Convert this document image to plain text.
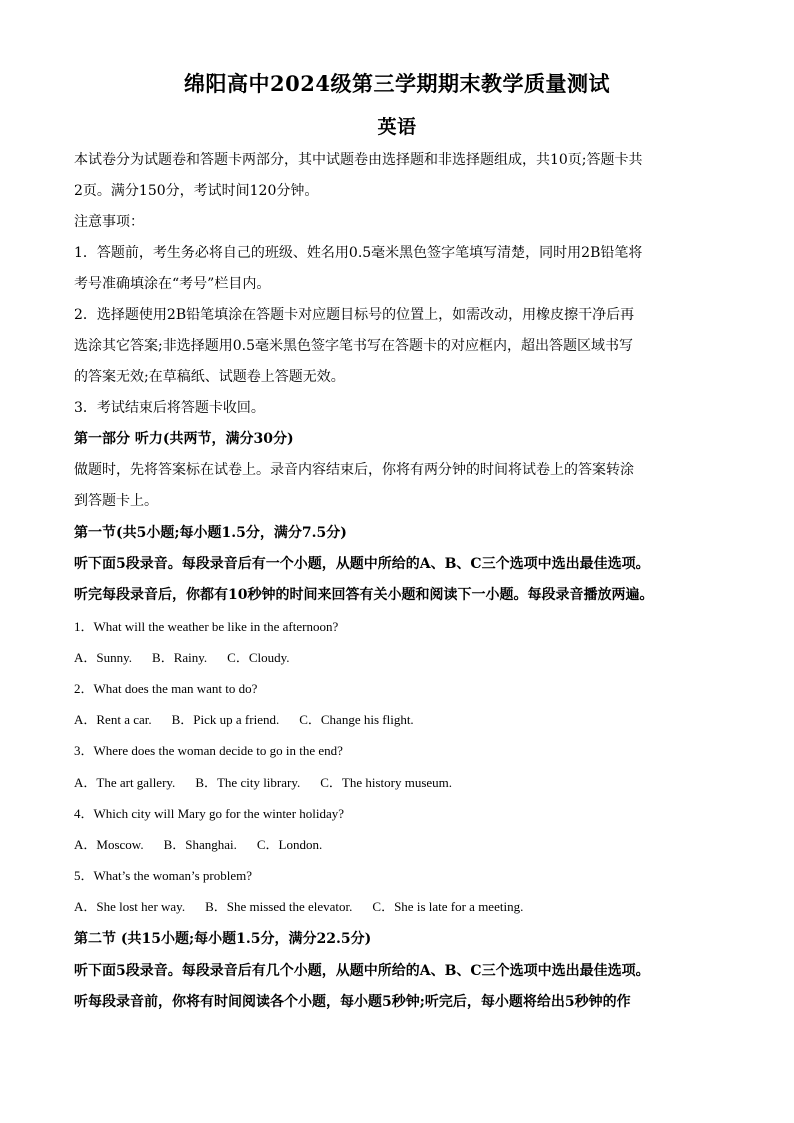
绵阳高中2024级第三学期期末教学质量测试
英语
本试卷分为试题卷和答题卡两部分，其中试题卷由选择题和非选择题组成，共10页;答题卡共
2页。满分150分，考试时间120分钟。
注意事项：
1．答题前，考生务必将自己的班级、姓名用0.5毫米黑色签字笔填写清楚，同时用2B铅笔将
考号准确填涂在“考号”栏目内。
2．选择题使用2B铅笔填涂在答题卡对应题目标号的位置上，如需改动，用橡皮擦干净后再
选涂其它答案;非选择题用0.5毫米黑色签字笔书写在答题卡的对应框内，超出答题区域书写
的答案无效;在草稿纸、试题卷上答题无效。
3．考试结束后将答题卡收回。
第一部分 听力(共两节，满分30分)
做题时，先将答案标在试卷上。录音内容结束后，你将有两分钟的时间将试卷上的答案转涂
到答题卡上。
第一节(共5小题;每小题1.5分，满分7.5分)
听下面5段录音。每段录音后有一个小题，从题中所给的A、B、C三个选项中选出最佳选项。
听完每段录音后，你都有10秒钟的时间来回答有关小题和阅读下一小题。每段录音播放两遍。
1．What will the weather be like in the afternoon?
A．Sunny. B．Rainy. C．Cloudy.
2．What does the man want to do?
A．Rent a car. B．Pick up a friend. C．Change his flight.
3．Where does the woman decide to go in the end?
A．The art gallery. B．The city library. C．The history museum.
4．Which city will Mary go for the winter holiday?
A．Moscow. B．Shanghai. C．London.
5．What’s the woman’s problem?
A．She lost her way. B．She missed the elevator. C．She is late for a meeting.
第二节 (共15小题;每小题1.5分，满分22.5分)
听下面5段录音。每段录音后有几个小题，从题中所给的A、B、C三个选项中选出最佳选项。
听每段录音前，你将有时间阅读各个小题，每小题5秒钟;听完后，每小题将给出5秒钟的作
